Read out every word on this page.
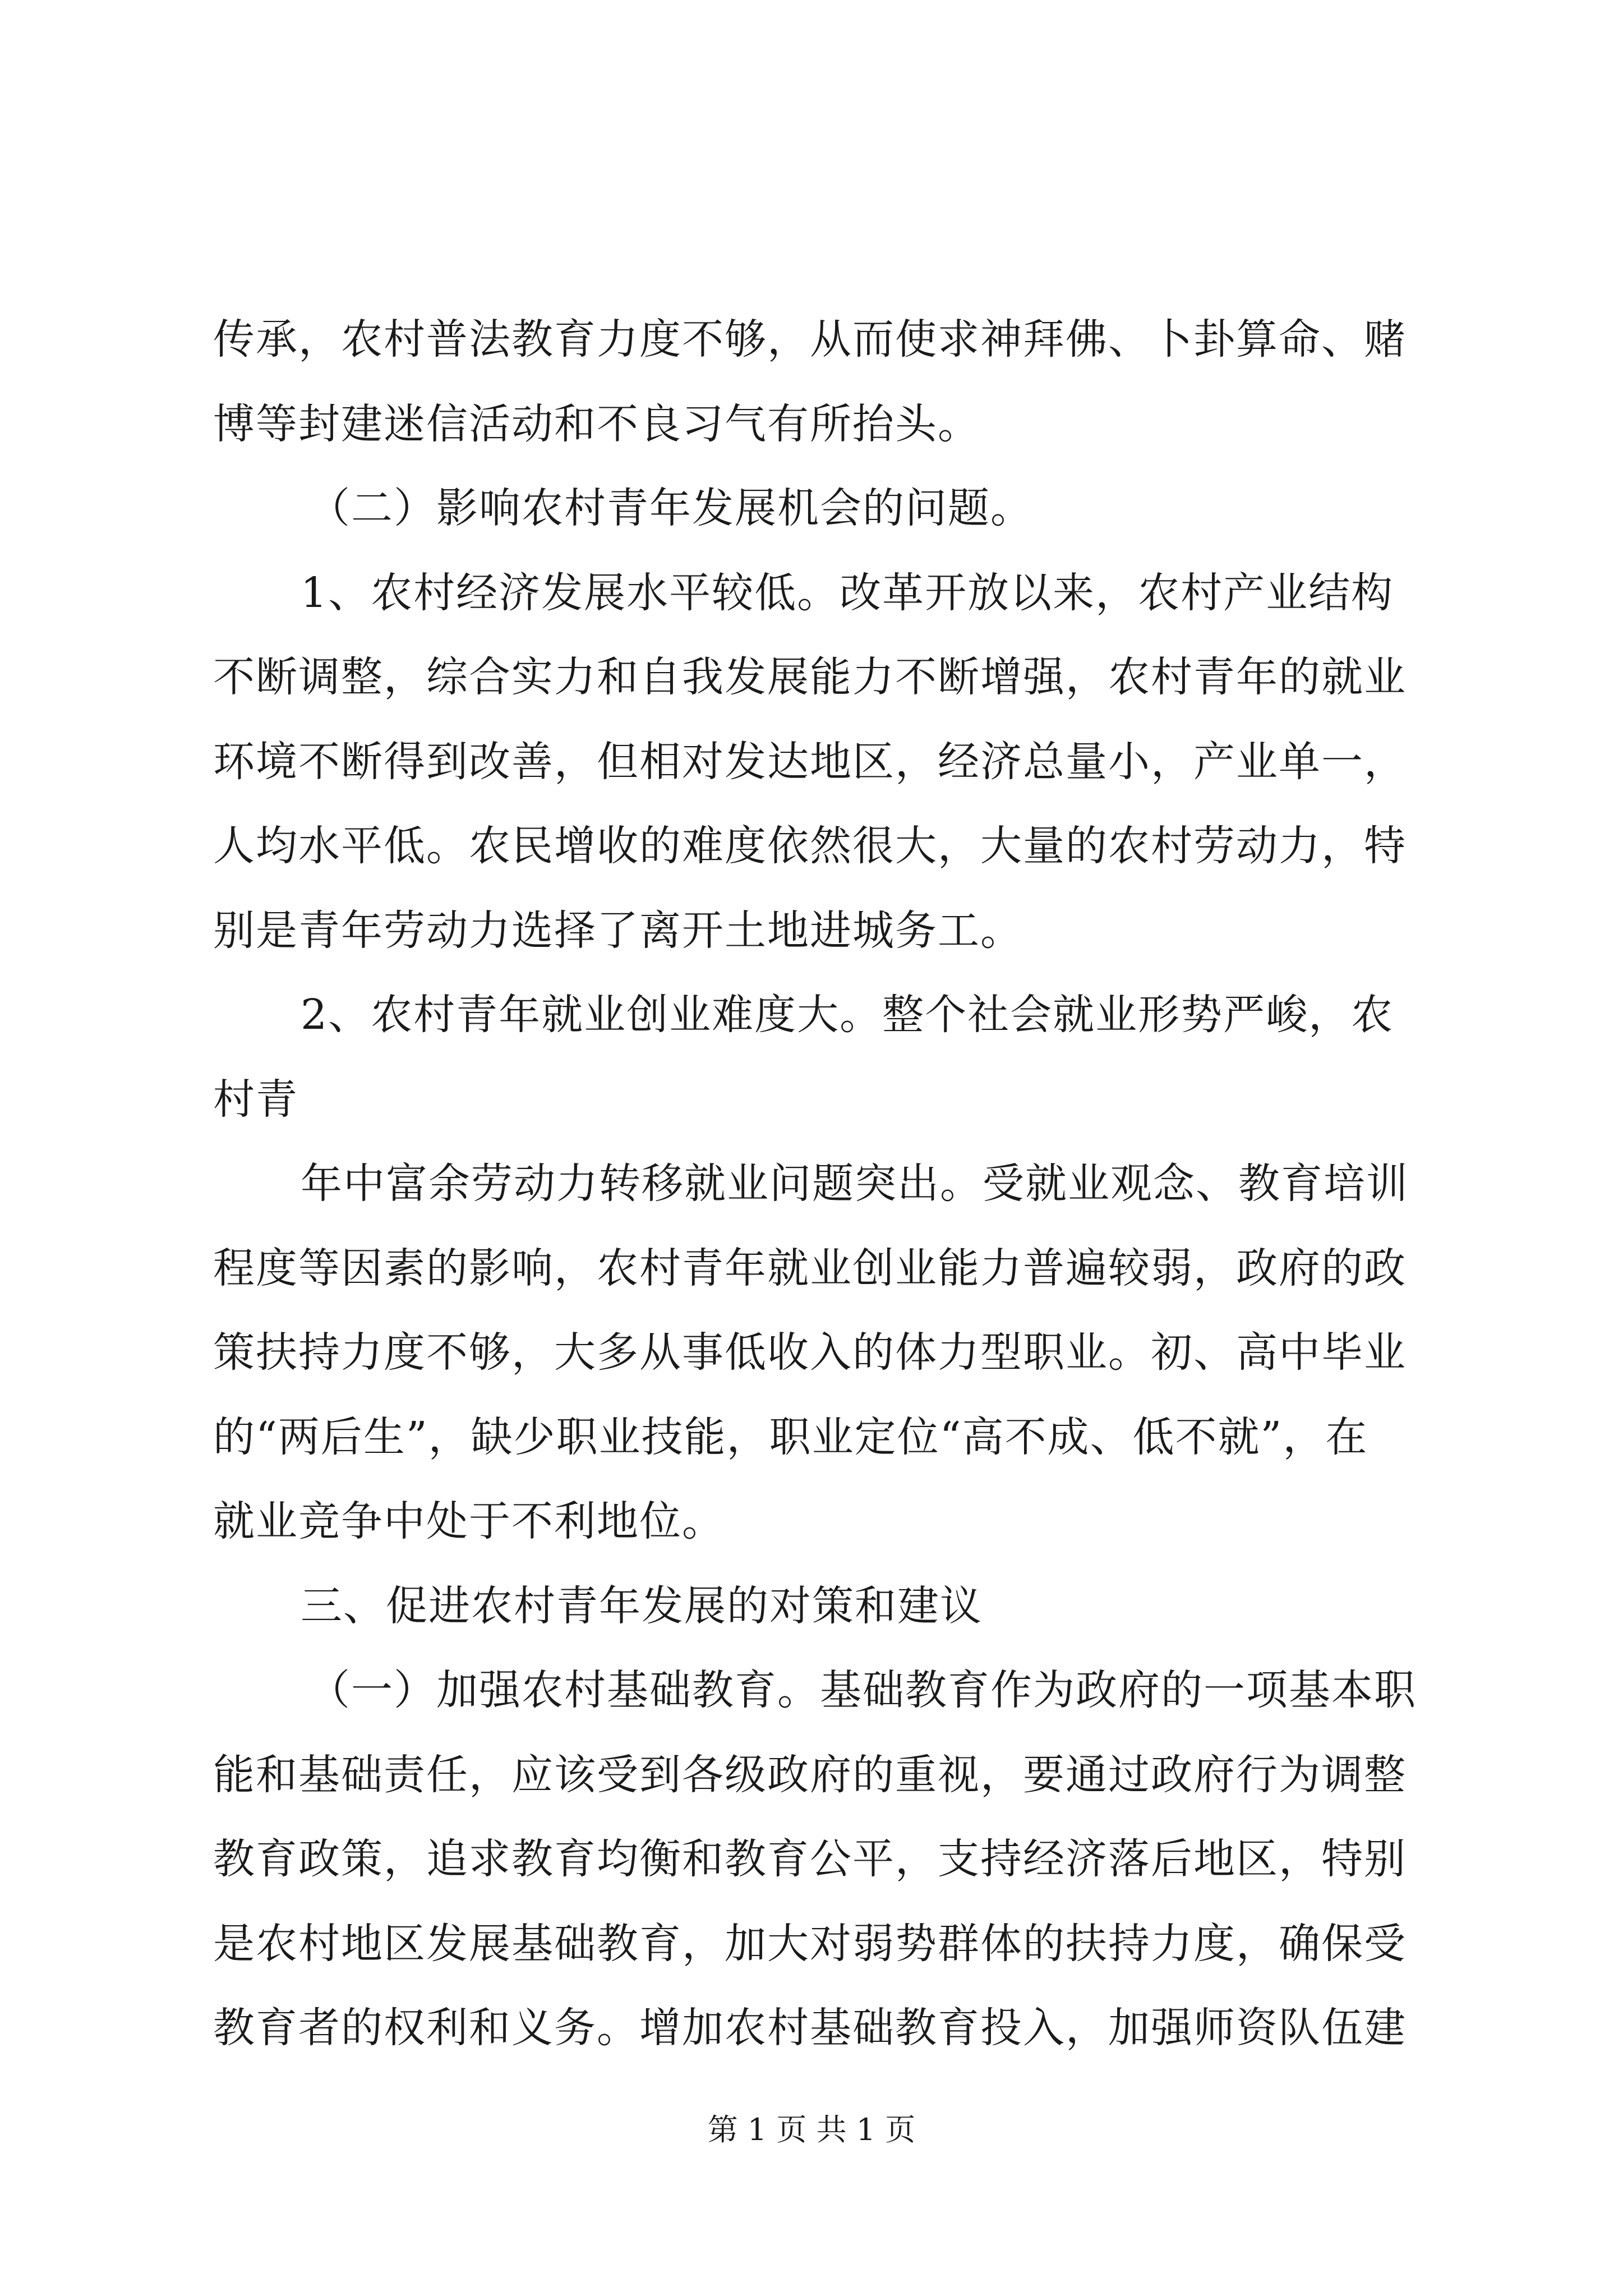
传承，农村普法教育力度不够，从而使求神拜佛、卜卦算命、赌
博等封建迷信活动和不良习气有所抬头。
（二）影响农村青年发展机会的问题。
1、农村经济发展水平较低。改革开放以来，农村产业结构
不断调整，综合实力和自我发展能力不断增强，农村青年的就业
环境不断得到改善，但相对发达地区，经济总量小，产业单一，
人均水平低。农民增收的难度依然很大，大量的农村劳动力，特
别是青年劳动力选择了离开土地进城务工。
2、农村青年就业创业难度大。整个社会就业形势严峻，农
村青
年中富余劳动力转移就业问题突出。受就业观念、教育培训
程度等因素的影响，农村青年就业创业能力普遍较弱，政府的政
策扶持力度不够，大多从事低收入的体力型职业。初、高中毕业
的“两后生”，缺少职业技能，职业定位“高不成、低不就”，在
就业竞争中处于不利地位。
三、促进农村青年发展的对策和建议
（一）加强农村基础教育。基础教育作为政府的一项基本职
能和基础责任，应该受到各级政府的重视，要通过政府行为调整
教育政策，追求教育均衡和教育公平，支持经济落后地区，特别
是农村地区发展基础教育，加大对弱势群体的扶持力度，确保受
教育者的权利和义务。增加农村基础教育投入，加强师资队伍建
第 1 页 共 1 页
